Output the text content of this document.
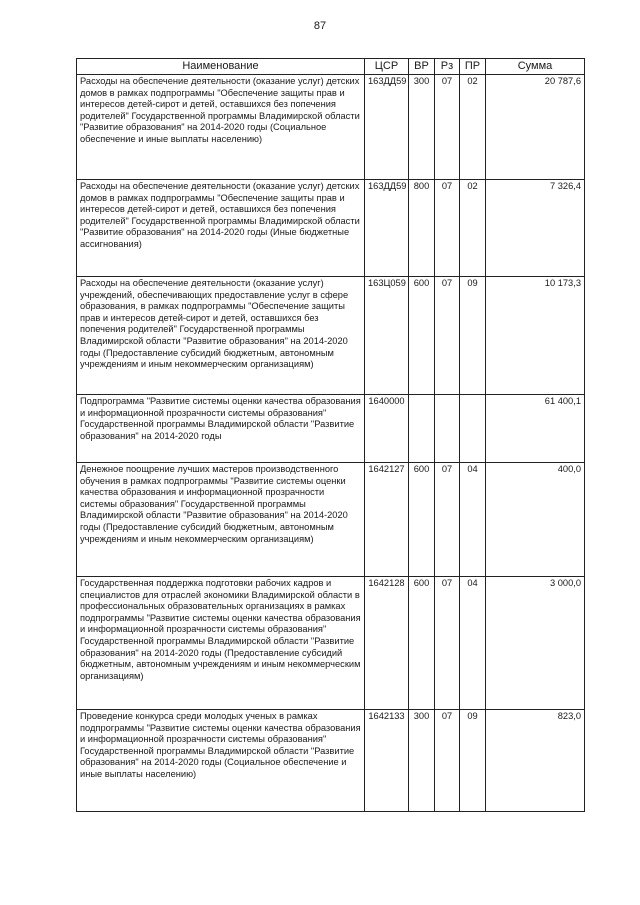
87
Наименование	ЦСР	ВР	Рз	ПР	Сумма
Расходы на обеспечение деятельности (оказание услуг) детских домов в рамках подпрограммы "Обеспечение защиты прав и интересов детей-сирот и детей, оставшихся без попечения родителей" Государственной программы Владимирской области "Развитие образования" на 2014-2020 годы (Социальное обеспечение и иные выплаты населению)	163ДД59	300	07	02	20 787,6
Расходы на обеспечение деятельности (оказание услуг) детских домов в рамках подпрограммы "Обеспечение защиты прав и интересов детей-сирот и детей, оставшихся без попечения родителей" Государственной программы Владимирской области "Развитие образования" на 2014-2020 годы (Иные бюджетные ассигнования)	163ДД59	800	07	02	7 326,4
Расходы на обеспечение деятельности (оказание услуг) учреждений, обеспечивающих предоставление услуг в сфере образования, в рамках подпрограммы "Обеспечение защиты прав и интересов детей-сирот и детей, оставшихся без попечения родителей" Государственной программы Владимирской области "Развитие образования" на 2014-2020 годы (Предоставление субсидий бюджетным, автономным учреждениям и иным некоммерческим организациям)	163Ц059	600	07	09	10 173,3
Подпрограмма "Развитие системы оценки качества образования и информационной прозрачности системы образования" Государственной программы Владимирской области "Развитие образования" на 2014-2020 годы	1640000				61 400,1
Денежное поощрение лучших мастеров производственного обучения в рамках подпрограммы "Развитие системы оценки качества образования и информационной прозрачности системы образования" Государственной программы Владимирской области "Развитие образования" на 2014-2020 годы (Предоставление субсидий бюджетным, автономным учреждениям и иным некоммерческим организациям)	1642127	600	07	04	400,0
Государственная поддержка подготовки рабочих кадров и специалистов для отраслей экономики Владимирской области в профессиональных образовательных организациях в рамках подпрограммы "Развитие системы оценки качества образования и информационной прозрачности системы образования" Государственной программы Владимирской области "Развитие образования" на 2014-2020 годы (Предоставление субсидий бюджетным, автономным учреждениям и иным некоммерческим организациям)	1642128	600	07	04	3 000,0
Проведение конкурса среди молодых ученых в рамках подпрограммы "Развитие системы оценки качества образования и информационной прозрачности системы образования" Государственной программы Владимирской области "Развитие образования" на 2014-2020 годы (Социальное обеспечение и иные выплаты населению)	1642133	300	07	09	823,0
